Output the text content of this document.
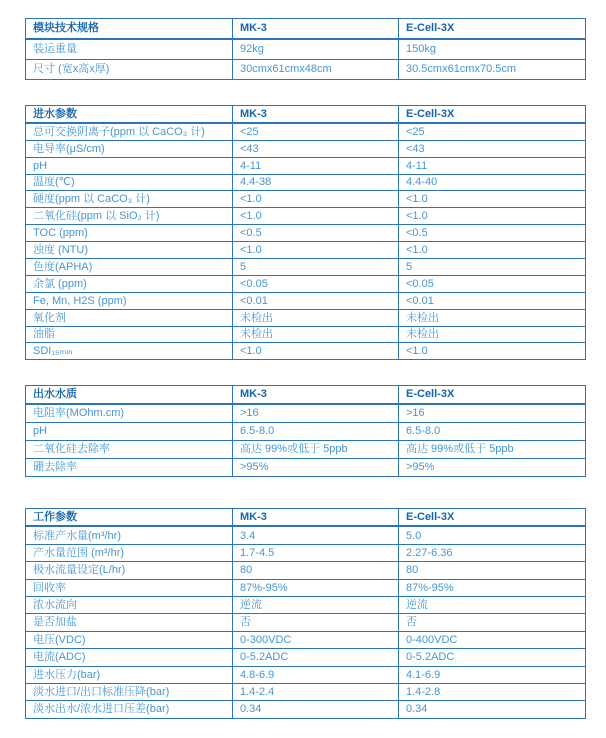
模块技术规格	MK-3	E-Cell-3X
装运重量	92kg	150kg
尺寸 (宽x高x厚)	30cmx61cmx48cm	30.5cmx61cmx70.5cm
进水参数	MK-3	E-Cell-3X
总可交换阴离子(ppm 以 CaCO₃ 计)	<25	<25
电导率(μS/cm)	<43	<43
pH	4-11	4-11
温度(℃)	4.4-38	4.4-40
硬度(ppm 以 CaCO₃ 计)	<1.0	<1.0
二氧化硅(ppm 以 SiO₂ 计)	<1.0	<1.0
TOC (ppm)	<0.5	<0.5
浊度 (NTU)	<1.0	<1.0
色度(APHA)	5	5
余氯 (ppm)	<0.05	<0.05
Fe, Mn, H2S (ppm)	<0.01	<0.01
氧化剂	未检出	未检出
油脂	未检出	未检出
SDI₁₅ₘᵢₙ	<1.0	<1.0
出水水质	MK-3	E-Cell-3X
电阻率(MOhm.cm)	>16	>16
pH	6.5-8.0	6.5-8.0
二氧化硅去除率	高达 99%或低于 5ppb	高达 99%或低于 5ppb
硼去除率	>95%	>95%
工作参数	MK-3	E-Cell-3X
标准产水量(m³/hr)	3.4	5.0
产水量范围 (m³/hr)	1.7-4.5	2.27-6.36
极水流量设定(L/hr)	80	80
回收率	87%-95%	87%-95%
浓水流向	逆流	逆流
是否加盐	否	否
电压(VDC)	0-300VDC	0-400VDC
电流(ADC)	0-5.2ADC	0-5.2ADC
进水压力(bar)	4.8-6.9	4.1-6.9
淡水进口/出口标准压降(bar)	1.4-2.4	1.4-2.8
淡水出水/浓水进口压差(bar)	0.34	0.34
